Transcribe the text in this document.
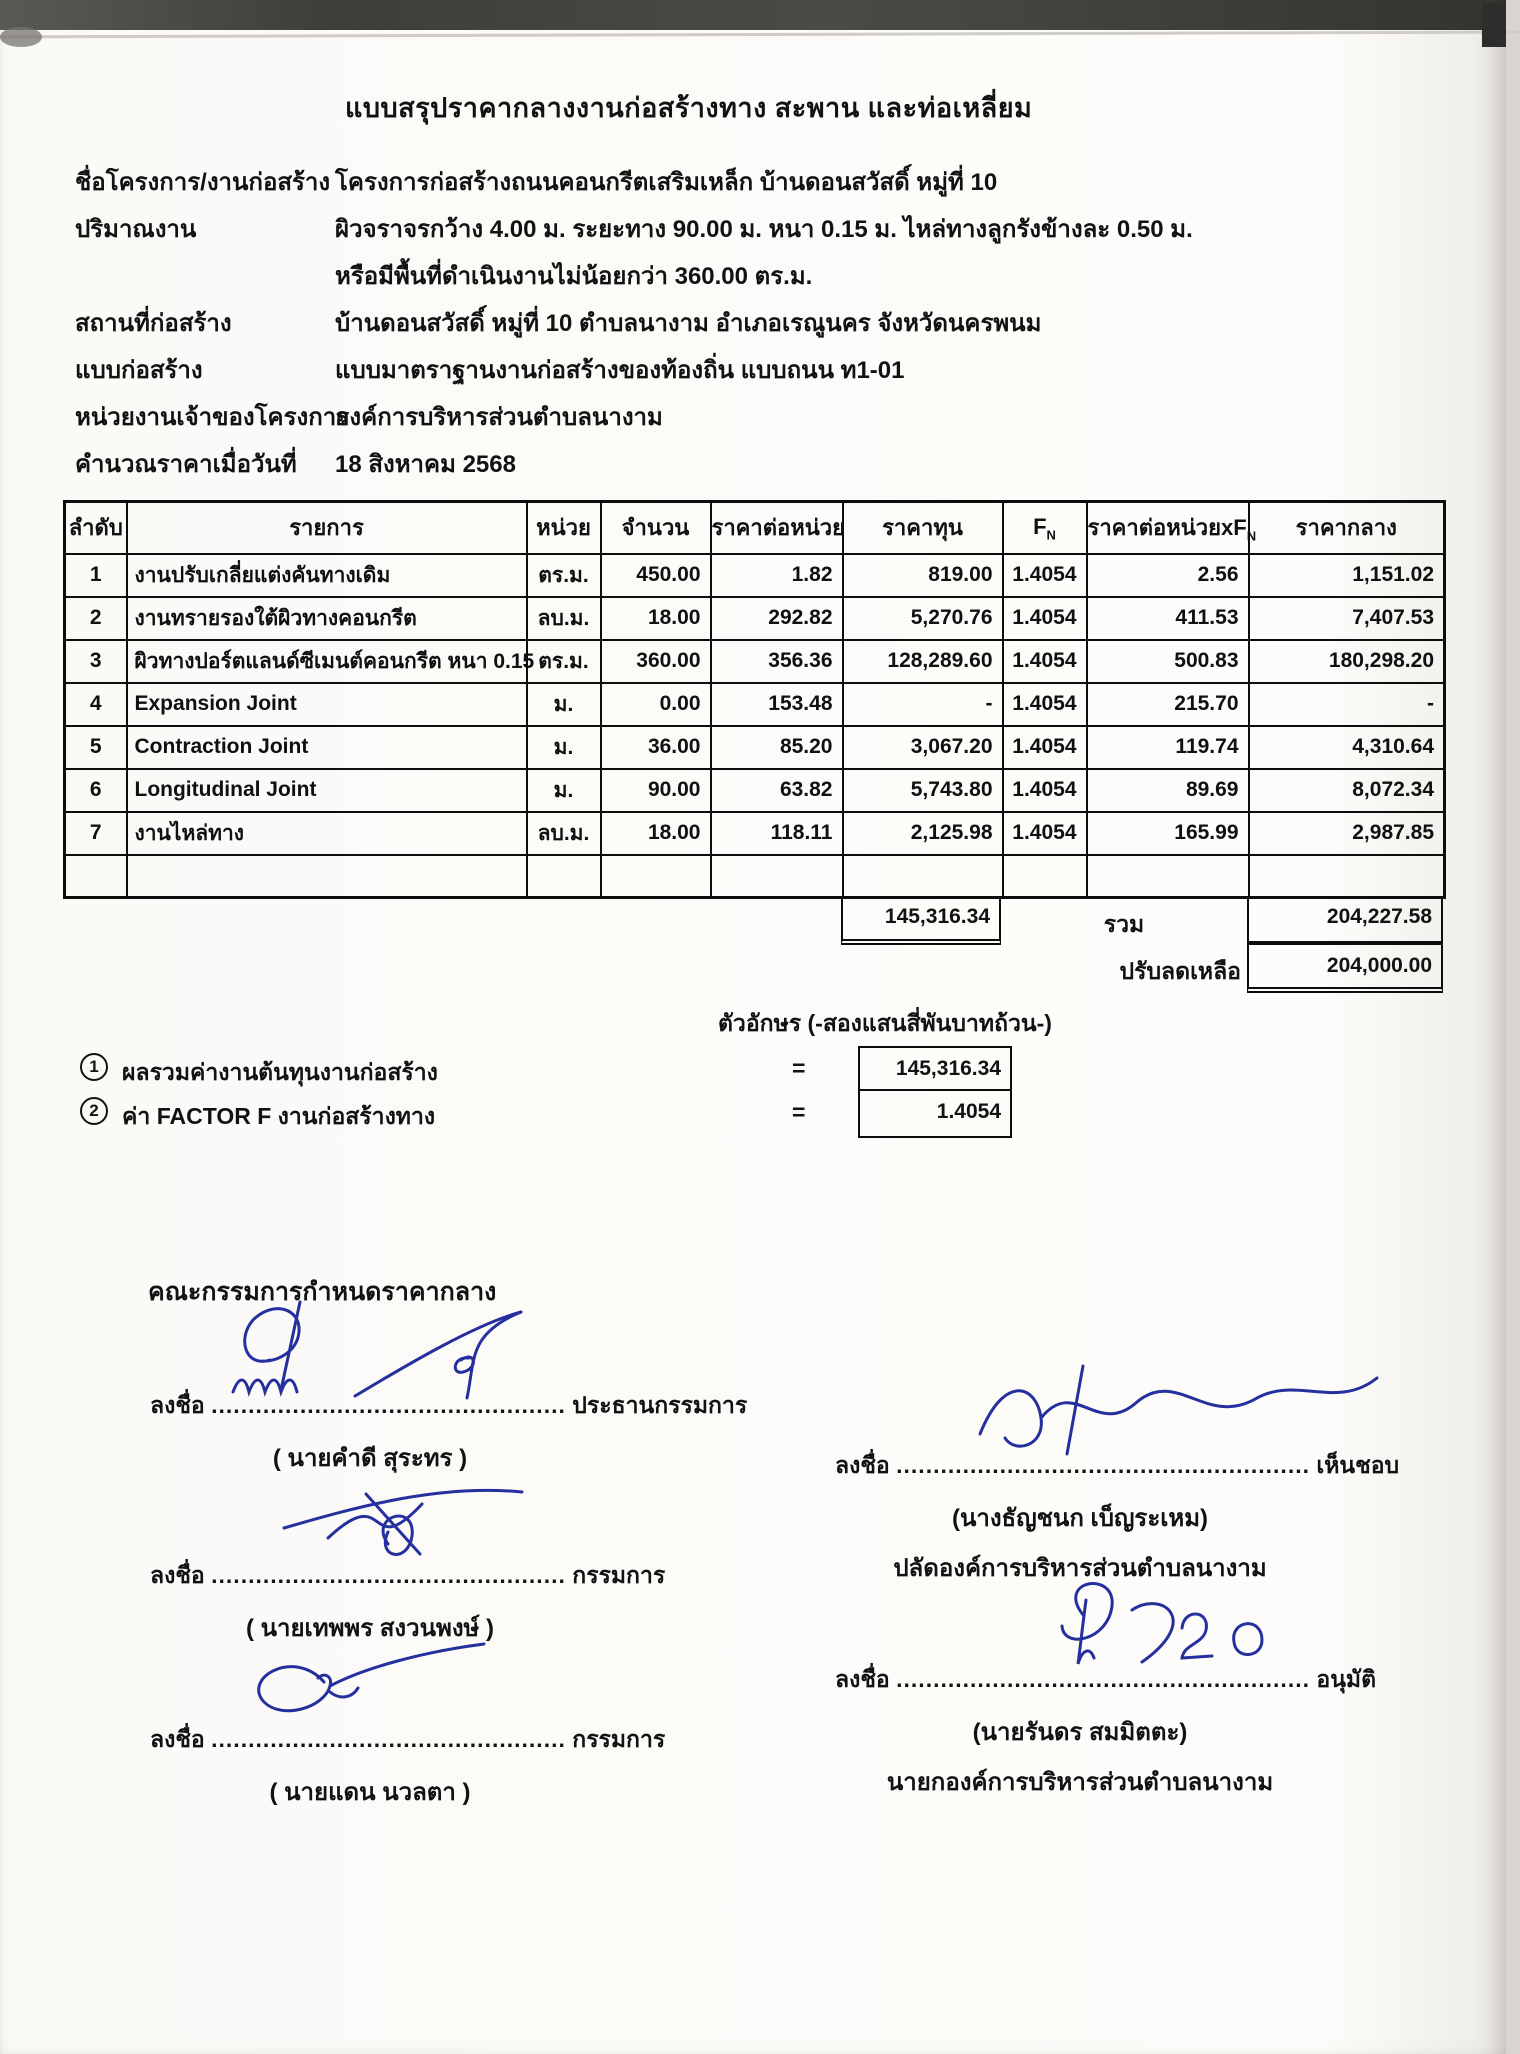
แบบสรุปราคากลางงานก่อสร้างทาง สะพาน และท่อเหลี่ยม
ชื่อโครงการ/งานก่อสร้าง โครงการก่อสร้างถนนคอนกรีตเสริมเหล็ก บ้านดอนสวัสดิ์ หมู่ที่ 10
ปริมาณงาน	ผิวจราจรกว้าง 4.00 ม. ระยะทาง 90.00 ม. หนา 0.15 ม. ไหล่ทางลูกรังข้างละ 0.50 ม.
หรือมีพื้นที่ดำเนินงานไม่น้อยกว่า 360.00 ตร.ม.
สถานที่ก่อสร้าง	บ้านดอนสวัสดิ์ หมู่ที่ 10 ตำบลนางาม อำเภอเรณูนคร จังหวัดนครพนม
แบบก่อสร้าง	แบบมาตราฐานงานก่อสร้างของท้องถิ่น แบบถนน ท1-01
หน่วยงานเจ้าของโครงการ
องค์การบริหารส่วนตำบลนางาม
คำนวณราคาเมื่อวันที่ 18 สิงหาคม 2568
ลำดับ	รายการ	หน่วย	จำนวน	ราคาต่อหน่วย	ราคาทุน	$F_N$	ราคาต่อหน่วย$xF_N$	ราคากลาง
1	งานปรับเกลี่ยแต่งคันทางเดิม	ตร.ม.	450.00	1.82	819.00	1.4054	2.56	1,151.02
2	งานทรายรองใต้ผิวทางคอนกรีต	ลบ.ม.	18.00	292.82	5,270.76	1.4054	411.53	7,407.53
3	ผิวทางปอร์ตแลนด์ซีเมนต์คอนกรีต หนา 0.15	ตร.ม.	360.00	356.36	128,289.60	1.4054	500.83	180,298.20
4	Expansion Joint	ม.	0.00	153.48	-	1.4054	215.70	-
5	Contraction Joint	ม.	36.00	85.20	3,067.20	1.4054	119.74	4,310.64
6	Longitudinal Joint	ม.	90.00	63.82	5,743.80	1.4054	89.69	8,072.34
7	งานไหล่ทาง	ลบ.ม.	18.00	118.11	2,125.98	1.4054	165.99	2,987.85

145,316.34	รวม	204,227.58
ปรับลดเหลือ	204,000.00
ตัวอักษร (-สองแสนสี่พันบาทถ้วน-)
1	ผลรวมค่างานต้นทุนงานก่อสร้าง	=	145,316.34
2	ค่า FACTOR F งานก่อสร้างทาง	=	1.4054
คณะกรรมการกำหนดราคากลาง
ลงชื่อ ................................................ ประธานกรรมการ
( นายคำดี สุระทร )
ลงชื่อ ................................................ กรรมการ
( นายเทพพร สงวนพงษ์ )
ลงชื่อ ................................................ กรรมการ
( นายแดน นวลตา )
ลงชื่อ ........................................................ เห็นชอบ
(นางธัญชนก เบ็ญระเหม)
ปลัดองค์การบริหารส่วนตำบลนางาม
ลงชื่อ ........................................................ อนุมัติ
(นายรันดร สมมิตตะ)
นายกองค์การบริหารส่วนตำบลนางาม
